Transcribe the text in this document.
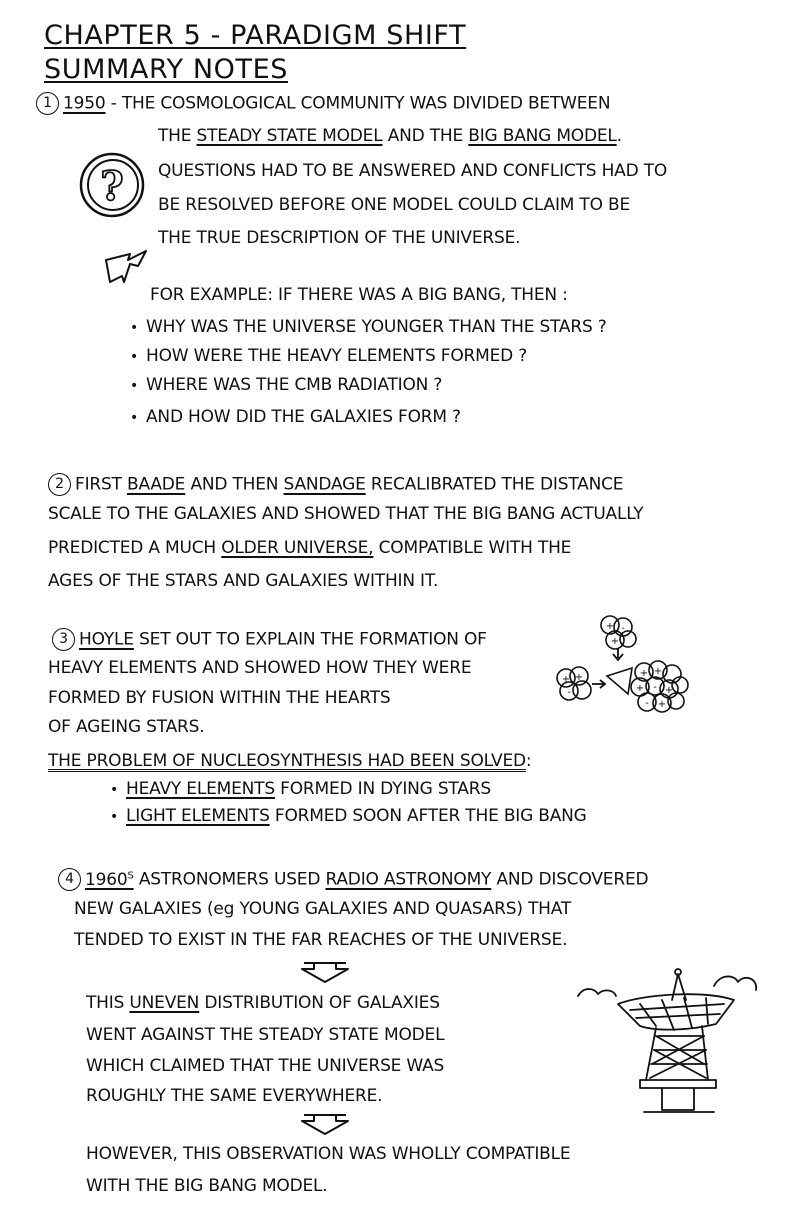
CHAPTER 5 - PARADIGM SHIFT
SUMMARY NOTES
1 1950 - THE COSMOLOGICAL COMMUNITY WAS DIVIDED BETWEEN
THE STEADY STATE MODEL AND THE BIG BANG MODEL.
QUESTIONS HAD TO BE ANSWERED AND CONFLICTS HAD TO
BE RESOLVED BEFORE ONE MODEL COULD CLAIM TO BE
THE TRUE DESCRIPTION OF THE UNIVERSE.
?
FOR EXAMPLE: IF THERE WAS A BIG BANG, THEN :
• WHY WAS THE UNIVERSE YOUNGER THAN THE STARS ?
• HOW WERE THE HEAVY ELEMENTS FORMED ?
• WHERE WAS THE CMB RADIATION ?
• AND HOW DID THE GALAXIES FORM ?
2 FIRST BAADE AND THEN SANDAGE RECALIBRATED THE DISTANCE
SCALE TO THE GALAXIES AND SHOWED THAT THE BIG BANG ACTUALLY
PREDICTED A MUCH OLDER UNIVERSE, COMPATIBLE WITH THE
AGES OF THE STARS AND GALAXIES WITHIN IT.
3 HOYLE SET OUT TO EXPLAIN THE FORMATION OF
HEAVY ELEMENTS AND SHOWED HOW THEY WERE
FORMED BY FUSION WITHIN THE HEARTS
OF AGEING STARS.
THE PROBLEM OF NUCLEOSYNTHESIS HAD BEEN SOLVED:
• HEAVY ELEMENTS FORMED IN DYING STARS
• LIGHT ELEMENTS FORMED SOON AFTER THE BIG BANG
+ -
+
+ +
-
+ +
+ - +
- +
4 $1960^S$ ASTRONOMERS USED RADIO ASTRONOMY AND DISCOVERED
NEW GALAXIES (eg YOUNG GALAXIES AND QUASARS) THAT
TENDED TO EXIST IN THE FAR REACHES OF THE UNIVERSE.
THIS UNEVEN DISTRIBUTION OF GALAXIES
WENT AGAINST THE STEADY STATE MODEL
WHICH CLAIMED THAT THE UNIVERSE WAS
ROUGHLY THE SAME EVERYWHERE.
HOWEVER, THIS OBSERVATION WAS WHOLLY COMPATIBLE
WITH THE BIG BANG MODEL.
